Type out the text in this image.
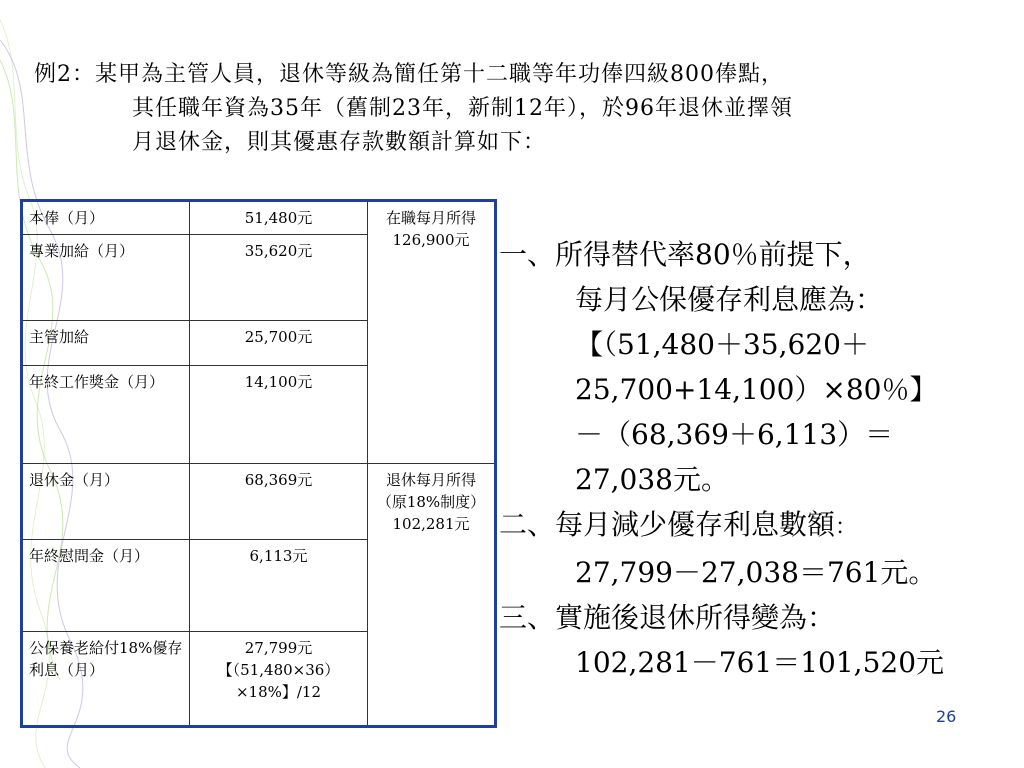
例2：某甲為主管人員，退休等級為簡任第十二職等年功俸四級800俸點，
其任職年資為35年（舊制23年，新制12年），於96年退休並擇領
月退休金，則其優惠存款數額計算如下：
本俸（月）	51,480元	在職每月所得
126,900元

專業加給（月）	35,620元	
主管加給	25,700元	
年終工作獎金（月）	14,100元	
退休金（月）	68,369元	退休每月所得（原18%制度）
102,281元

年終慰問金（月）	6,113元	
公保養老給付18%優存利息（月）	27,799元
【（51,480×36）×18%】/12	
一、所得替代率80％前提下，
每月公保優存利息應為：
【（51,480＋35,620＋
25,700+14,100）×80％】
－（68,369＋6,113）＝
27,038元。
二、每月減少優存利息數額：
27,799－27,038＝761元。
三、實施後退休所得變為：
102,281－761＝101,520元
26
